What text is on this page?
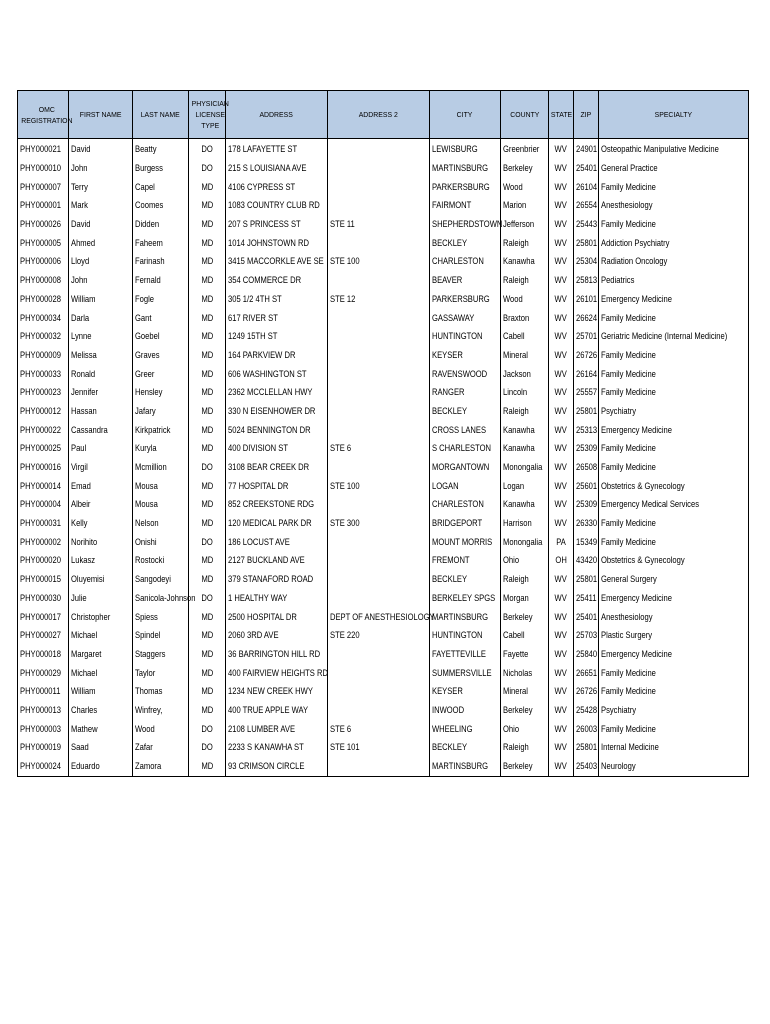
OMC REGISTRATION	FIRST NAME	LAST NAME	PHYSICIAN LICENSE TYPE	ADDRESS	ADDRESS 2	CITY	COUNTY	STATE	ZIP	SPECIALTY
PHY000021	David	Beatty	DO	178 LAFAYETTE ST		LEWISBURG	Greenbrier	WV	24901	Osteopathic Manipulative Medicine
PHY000010	John	Burgess	DO	215 S LOUISIANA AVE		MARTINSBURG	Berkeley	WV	25401	General Practice
PHY000007	Terry	Capel	MD	4106 CYPRESS ST		PARKERSBURG	Wood	WV	26104	Family Medicine
PHY000001	Mark	Coomes	MD	1083 COUNTRY CLUB RD		FAIRMONT	Marion	WV	26554	Anesthesiology
PHY000026	David	Didden	MD	207 S PRINCESS ST	STE 11	SHEPHERDSTOWN	Jefferson	WV	25443	Family Medicine
PHY000005	Ahmed	Faheem	MD	1014 JOHNSTOWN RD		BECKLEY	Raleigh	WV	25801	Addiction Psychiatry
PHY000006	Lloyd	Farinash	MD	3415 MACCORKLE AVE SE	STE 100	CHARLESTON	Kanawha	WV	25304	Radiation Oncology
PHY000008	John	Fernald	MD	354 COMMERCE DR		BEAVER	Raleigh	WV	25813	Pediatrics
PHY000028	William	Fogle	MD	305 1/2 4TH ST	STE 12	PARKERSBURG	Wood	WV	26101	Emergency Medicine
PHY000034	Darla	Gant	MD	617 RIVER ST		GASSAWAY	Braxton	WV	26624	Family Medicine
PHY000032	Lynne	Goebel	MD	1249 15TH ST		HUNTINGTON	Cabell	WV	25701	Geriatric Medicine (Internal Medicine)
PHY000009	Melissa	Graves	MD	164 PARKVIEW DR		KEYSER	Mineral	WV	26726	Family Medicine
PHY000033	Ronald	Greer	MD	606 WASHINGTON ST		RAVENSWOOD	Jackson	WV	26164	Family Medicine
PHY000023	Jennifer	Hensley	MD	2362 MCCLELLAN HWY		RANGER	Lincoln	WV	25557	Family Medicine
PHY000012	Hassan	Jafary	MD	330 N EISENHOWER DR		BECKLEY	Raleigh	WV	25801	Psychiatry
PHY000022	Cassandra	Kirkpatrick	MD	5024 BENNINGTON DR		CROSS LANES	Kanawha	WV	25313	Emergency Medicine
PHY000025	Paul	Kuryla	MD	400 DIVISION ST	STE 6	S CHARLESTON	Kanawha	WV	25309	Family Medicine
PHY000016	Virgil	Mcmillion	DO	3108 BEAR CREEK DR		MORGANTOWN	Monongalia	WV	26508	Family Medicine
PHY000014	Emad	Mousa	MD	77 HOSPITAL DR	STE 100	LOGAN	Logan	WV	25601	Obstetrics & Gynecology
PHY000004	Albeir	Mousa	MD	852 CREEKSTONE RDG		CHARLESTON	Kanawha	WV	25309	Emergency Medical Services
PHY000031	Kelly	Nelson	MD	120 MEDICAL PARK DR	STE 300	BRIDGEPORT	Harrison	WV	26330	Family Medicine
PHY000002	Norihito	Onishi	DO	186 LOCUST AVE		MOUNT MORRIS	Monongalia	PA	15349	Family Medicine
PHY000020	Lukasz	Rostocki	MD	2127 BUCKLAND AVE		FREMONT	Ohio	OH	43420	Obstetrics & Gynecology
PHY000015	Oluyemisi	Sangodeyi	MD	379 STANAFORD ROAD		BECKLEY	Raleigh	WV	25801	General Surgery
PHY000030	Julie	Sanicola-Johnson	DO	1 HEALTHY WAY		BERKELEY SPGS	Morgan	WV	25411	Emergency Medicine
PHY000017	Christopher	Spiess	MD	2500 HOSPITAL DR	DEPT OF ANESTHESIOLOGY	MARTINSBURG	Berkeley	WV	25401	Anesthesiology
PHY000027	Michael	Spindel	MD	2060 3RD AVE	STE 220	HUNTINGTON	Cabell	WV	25703	Plastic Surgery
PHY000018	Margaret	Staggers	MD	36 BARRINGTON HILL RD		FAYETTEVILLE	Fayette	WV	25840	Emergency Medicine
PHY000029	Michael	Taylor	MD	400 FAIRVIEW HEIGHTS RD		SUMMERSVILLE	Nicholas	WV	26651	Family Medicine
PHY000011	William	Thomas	MD	1234 NEW CREEK HWY		KEYSER	Mineral	WV	26726	Family Medicine
PHY000013	Charles	Winfrey,	MD	400 TRUE APPLE WAY		INWOOD	Berkeley	WV	25428	Psychiatry
PHY000003	Mathew	Wood	DO	2108 LUMBER AVE	STE 6	WHEELING	Ohio	WV	26003	Family Medicine
PHY000019	Saad	Zafar	DO	2233 S KANAWHA ST	STE 101	BECKLEY	Raleigh	WV	25801	Internal Medicine
PHY000024	Eduardo	Zamora	MD	93 CRIMSON CIRCLE		MARTINSBURG	Berkeley	WV	25403	Neurology
